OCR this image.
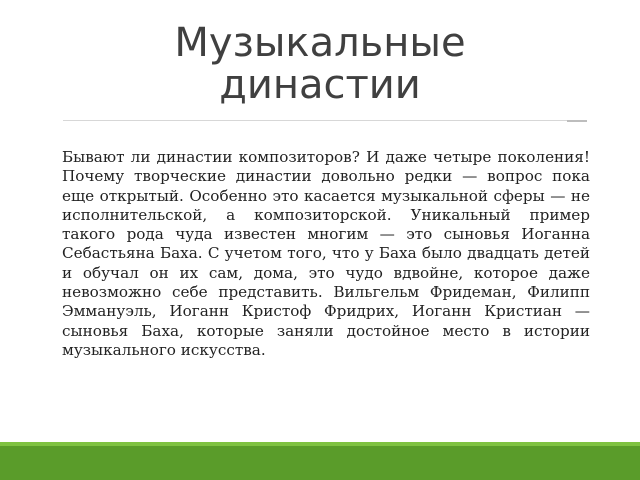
Музыкальные
династии

Бывают ли династии композиторов? И даже четыре поколения! Почему творческие династии довольно редки — вопрос пока еще открытый. Особенно это касается музыкальной сферы — не исполнительской, а композиторской. Уникальный пример такого рода чуда известен многим — это сыновья Иоганна Себастьяна Баха. С учетом того, что у Баха было двадцать детей и обучал он их сам, дома, это чудо вдвойне, которое даже невозможно себе представить. Вильгельм Фридеман, Филипп Эммануэль, Иоганн Кристоф Фридрих, Иоганн Кристиан — сыновья Баха, которые заняли достойное место в истории музыкального искусства.
